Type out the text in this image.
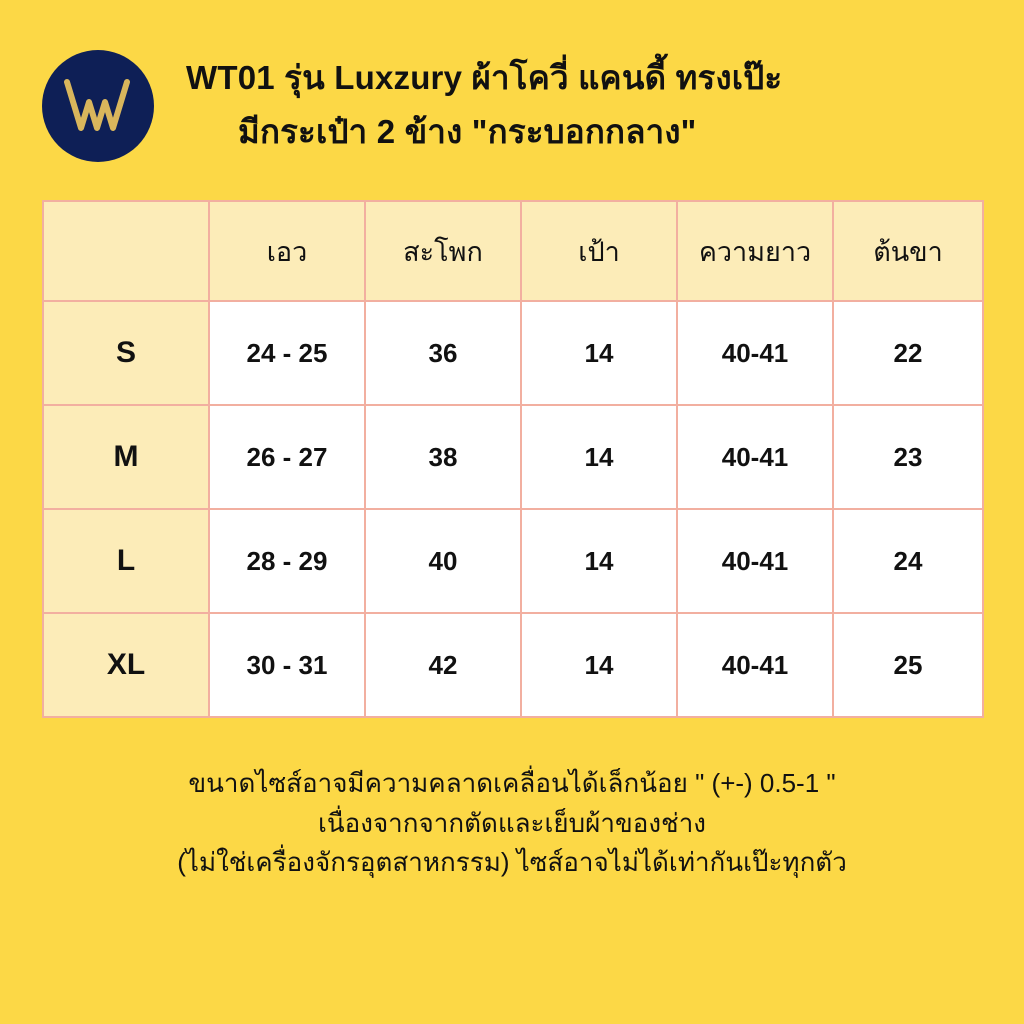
WT01 รุ่น Luxzury ผ้าโควี่ แคนดี้ ทรงเป๊ะ
มีกระเป๋า 2 ข้าง "กระบอกกลาง"
	เอว	สะโพก	เป้า	ความยาว	ต้นขา
S	24 - 25	36	14	40-41	22
M	26 - 27	38	14	40-41	23
L	28 - 29	40	14	40-41	24
XL	30 - 31	42	14	40-41	25
ขนาดไซส์อาจมีความคลาดเคลื่อนได้เล็กน้อย " (+-) 0.5-1 "
เนื่องจากจากตัดและเย็บผ้าของช่าง
(ไม่ใช่เครื่องจักรอุตสาหกรรม) ไซส์อาจไม่ได้เท่ากันเป๊ะทุกตัว
